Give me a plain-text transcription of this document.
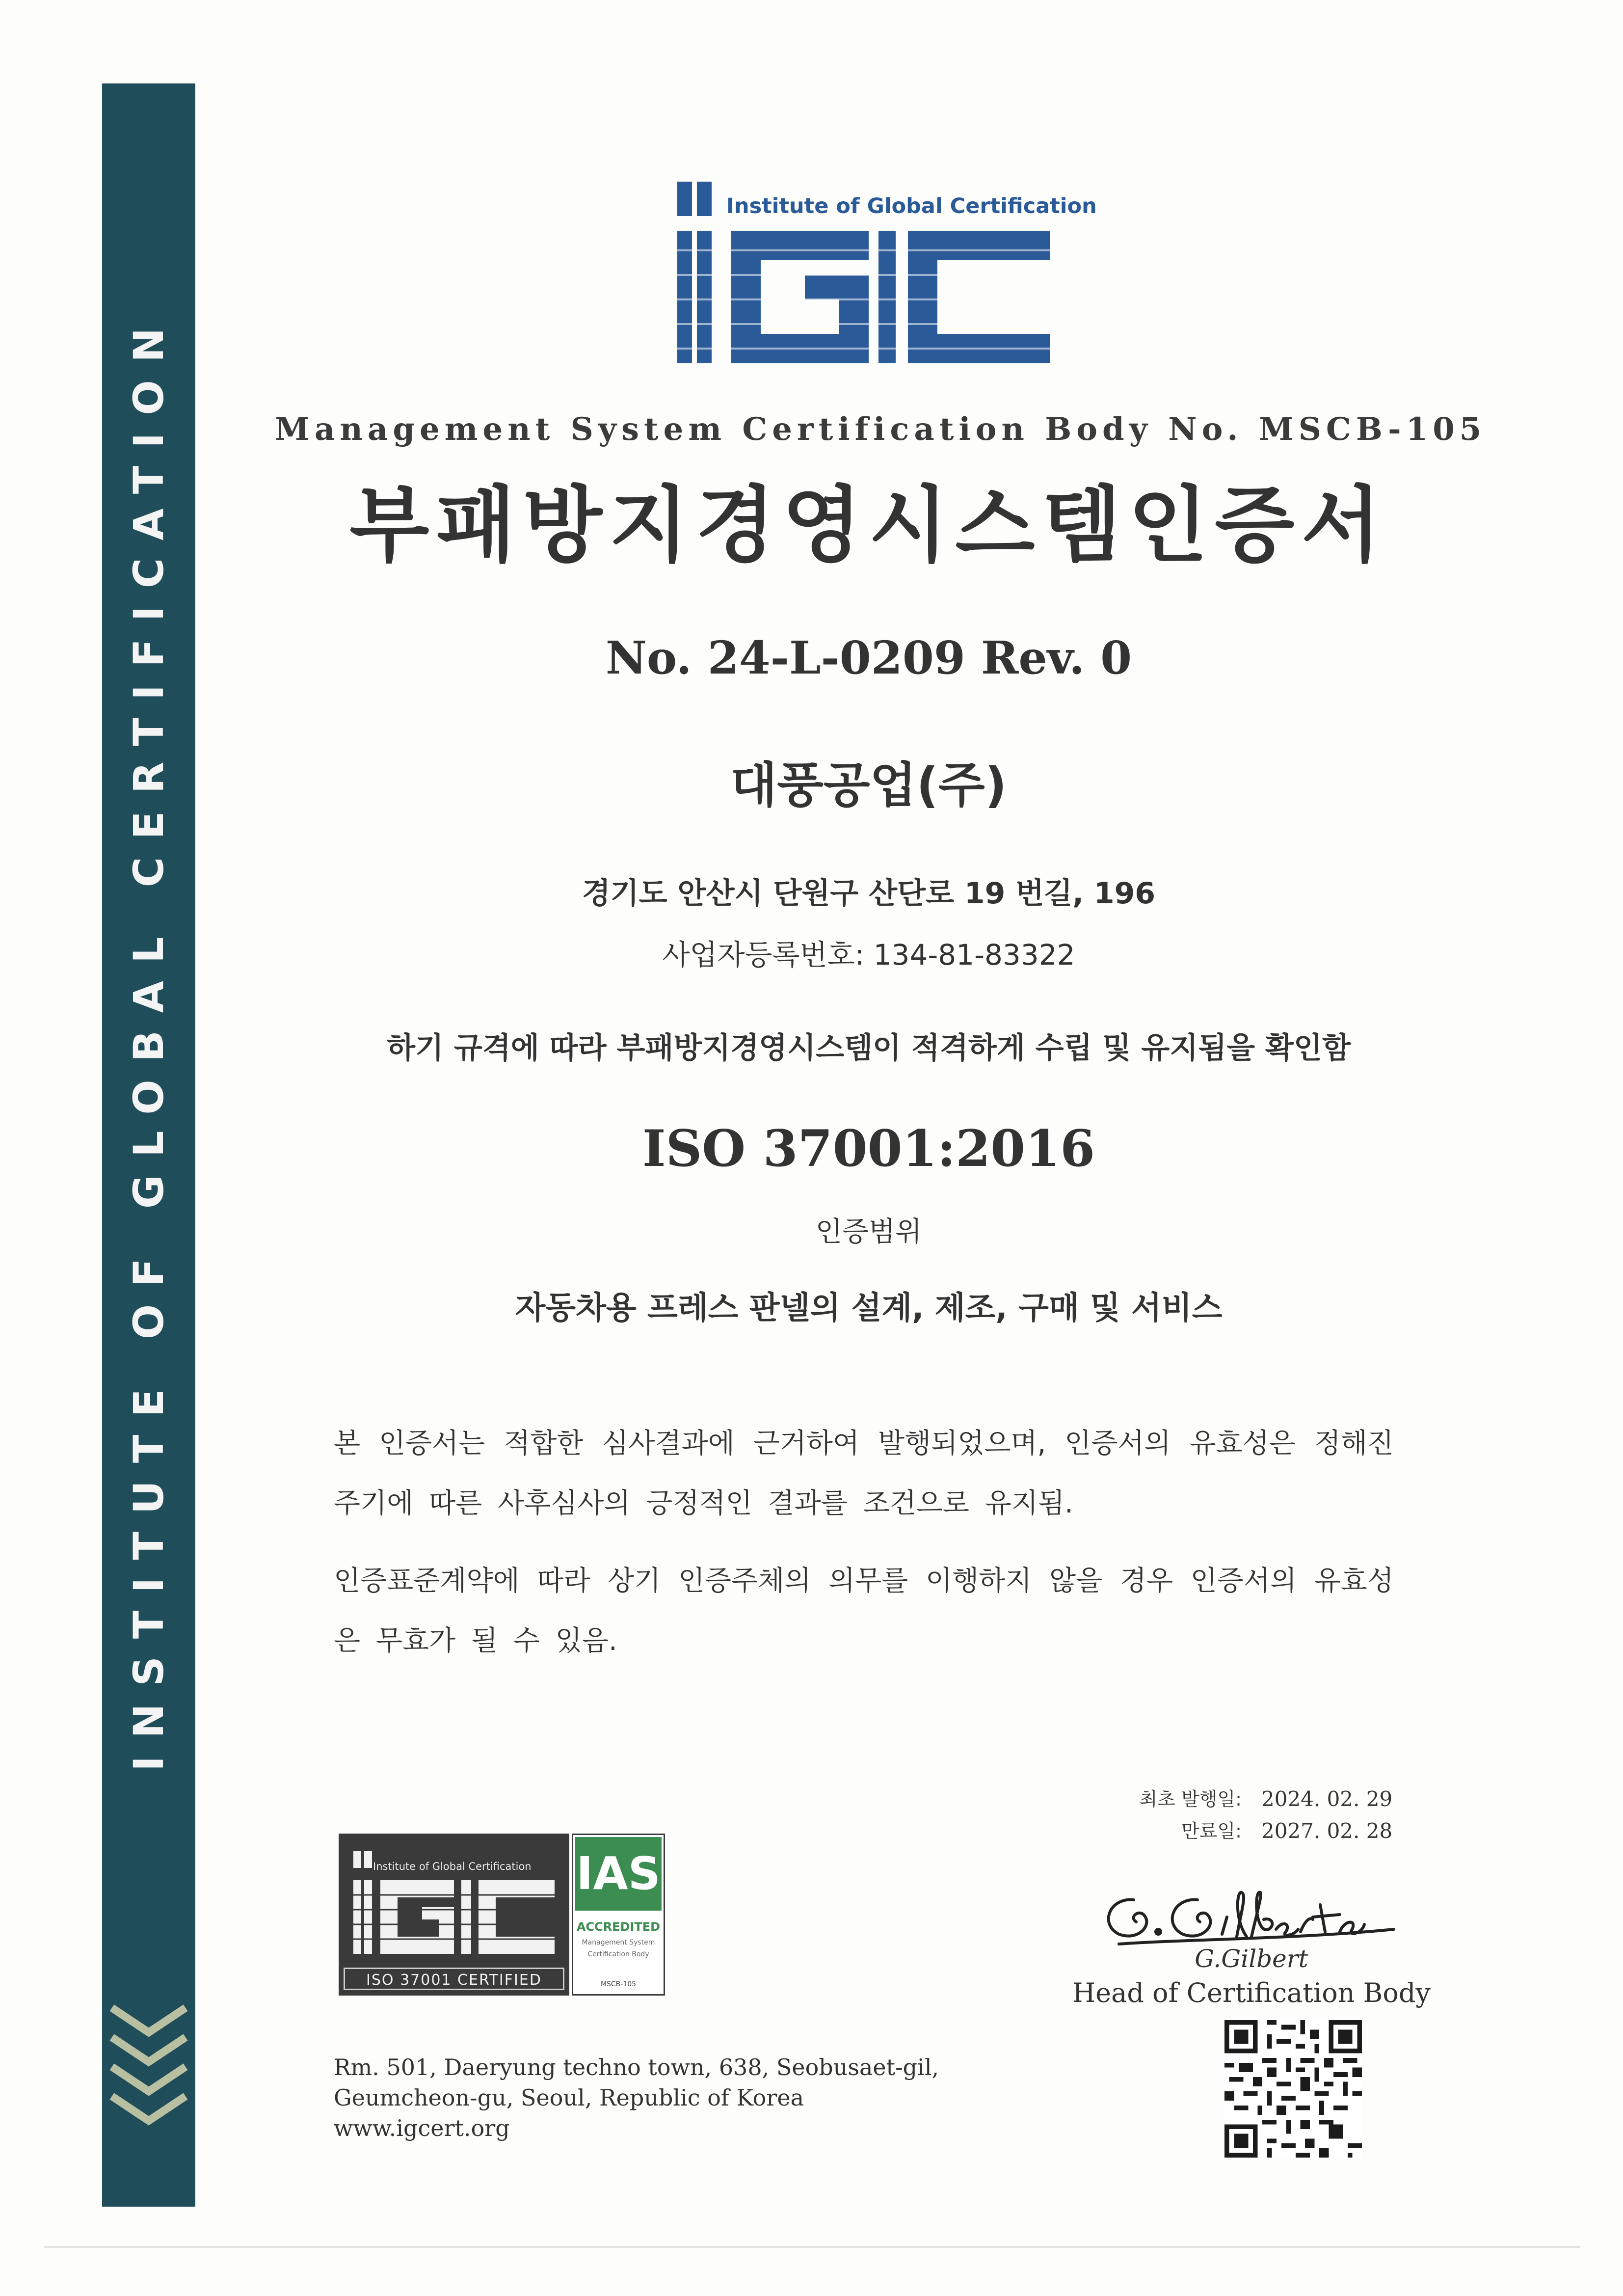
INSTITUTE OF GLOBAL CERTIFICATION
Institute of Global Certification
Management System Certification Body No. MSCB-105
부패방지경영시스템인증서
No. 24-L-0209 Rev. 0
대풍공업(주)
경기도 안산시 단원구 산단로 19 번길, 196
사업자등록번호: 134-81-83322
하기 규격에 따라 부패방지경영시스템이 적격하게 수립 및 유지됨을 확인함
ISO 37001:2016
인증범위
자동차용 프레스 판넬의 설계, 제조, 구매 및 서비스
본 인증서는 적합한 심사결과에 근거하여 발행되었으며, 인증서의 유효성은 정해진 주기에 따른 사후심사의 긍정적인 결과를 조건으로 유지됨.
인증표준계약에 따라 상기 인증주체의 의무를 이행하지 않을 경우 인증서의 유효성은 무효가 될 수 있음.
최초 발행일: 2024. 02. 29
만료일: 2027. 02. 28
G.Gilbert
Head of Certification Body
Institute of Global Certification
ISO 37001 CERTIFIED
IAS
ACCREDITED
Management System Certification Body
MSCB-105
Rm. 501, Daeryung techno town, 638, Seobusaet-gil,
Geumcheon-gu, Seoul, Republic of Korea
www.igcert.org
